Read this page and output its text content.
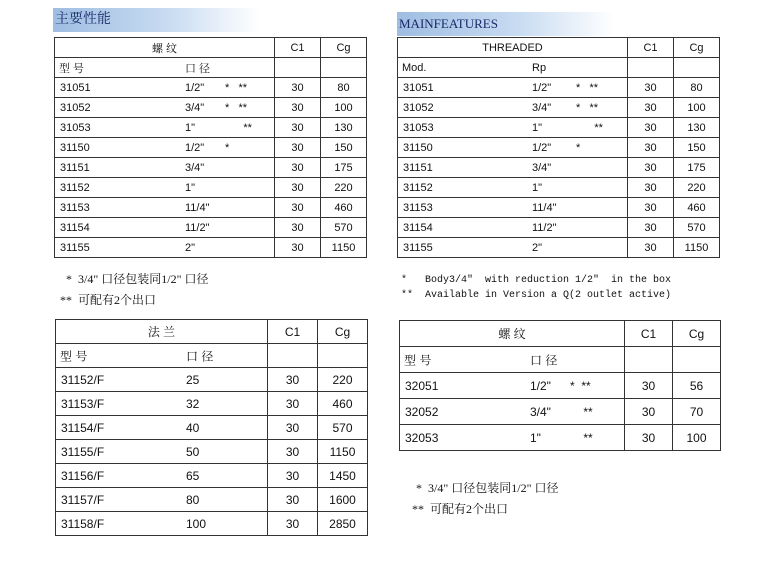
主要性能	MAINFEATURES
螺 纹	C1	Cg

型 号 口 径		

31051 1/2" *   **	30	80

31052 3/4" *   **	30	100

31053 1" **	30	130

31150 1/2" *	30	150

31151 3/4"	30	175

31152 1"	30	220

31153 11/4"	30	460

31154 11/2"	30	570

31155 2"	30	1150
*  3/4" 口径包装同1/2" 口径
**  可配有2个出口
THREADED	C1	Cg

Mod. Rp		

31051 1/2" *   **	30	80

31052 3/4" *   **	30	100

31053 1" **	30	130

31150 1/2" *	30	150

31151 3/4"	30	175

31152 1"	30	220

31153 11/4"	30	460

31154 11/2"	30	570

31155 2"	30	1150
*   Body3/4"  with reduction 1/2"  in the box
**  Available in Version a Q(2 outlet active)
法 兰	C1	Cg

型 号 口 径		

31152/F 25	30	220

31153/F 32	30	460

31154/F 40	30	570

31155/F 50	30	1150

31156/F 65	30	1450

31157/F 80	30	1600

31158/F 100	30	2850
螺 纹	C1	Cg

型 号 口 径		

32051 1/2" *  **	30	56

32052 3/4" **	30	70

32053 1" **	30	100
*  3/4" 口径包装同1/2" 口径
**  可配有2个出口
